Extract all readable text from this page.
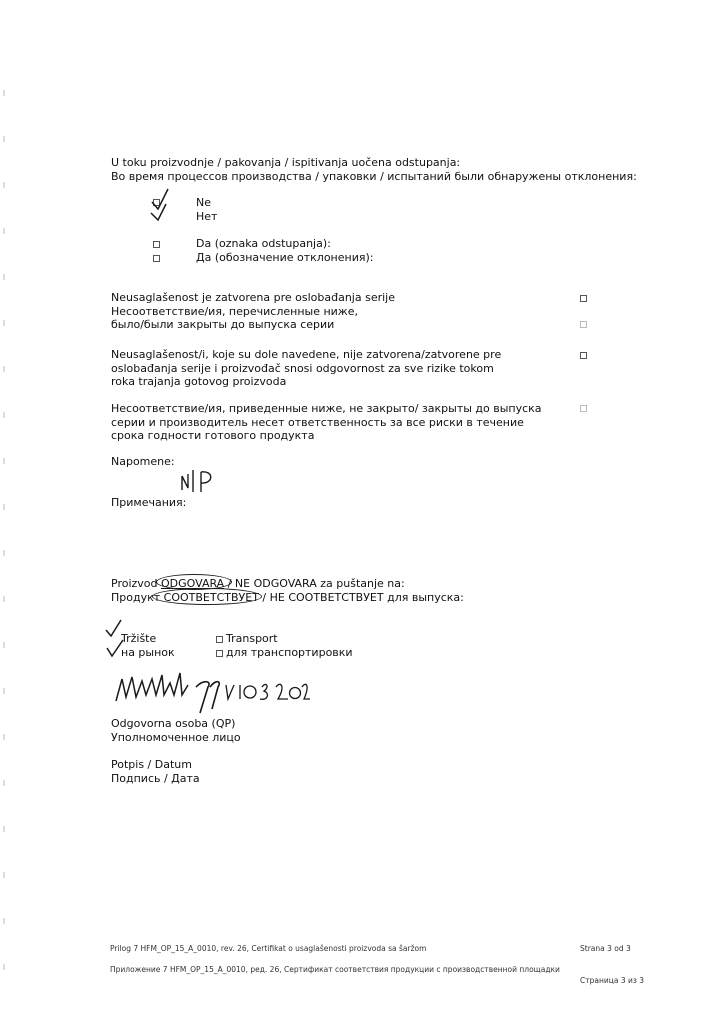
U toku proizvodnje / pakovanja / ispitivanja uočena odstupanja:
Во время процессов производства / упаковки / испытаний были обнаружены отклонения:
Ne
Нет
Da (oznaka odstupanja):
Да (обозначение отклонения):
Neusaglašenost je zatvorena pre oslobađanja serije
Несоответствие/ия, перечисленные ниже,
было/были закрыты до выпуска серии
Neusaglašenost/i, koje su dole navedene, nije zatvorena/zatvorene pre
oslobađanja serije i proizvođač snosi odgovornost za sve rizike tokom
roka trajanja gotovog proizvoda
Несоответствие/ия, приведенные ниже, не закрыто/ закрыты до выпуска
серии и производитель несет ответственность за все риски в течение
срока годности готового продукта
Napomene:
Примечания:
Proizvod ODGOVARA / NE ODGOVARA za puštanje na:
Продукт СООТВЕТСТВУЕТ / НЕ СООТВЕТСТВУЕТ для выпуска:
Tržište
на рынок
Transport
для транспортировки
Odgovorna osoba (QP)
Уполномоченное лицо
Potpis / Datum
Подпись / Дата
Prilog 7 HFM_OP_15_A_0010, rev. 26, Certifikat o usaglašenosti proizvoda sa šaržom	Strana 3 od 3
Приложение 7 HFM_OP_15_A_0010, ред. 26, Сертификат соответствия продукции с производственной площадки
Страница 3 из 3
